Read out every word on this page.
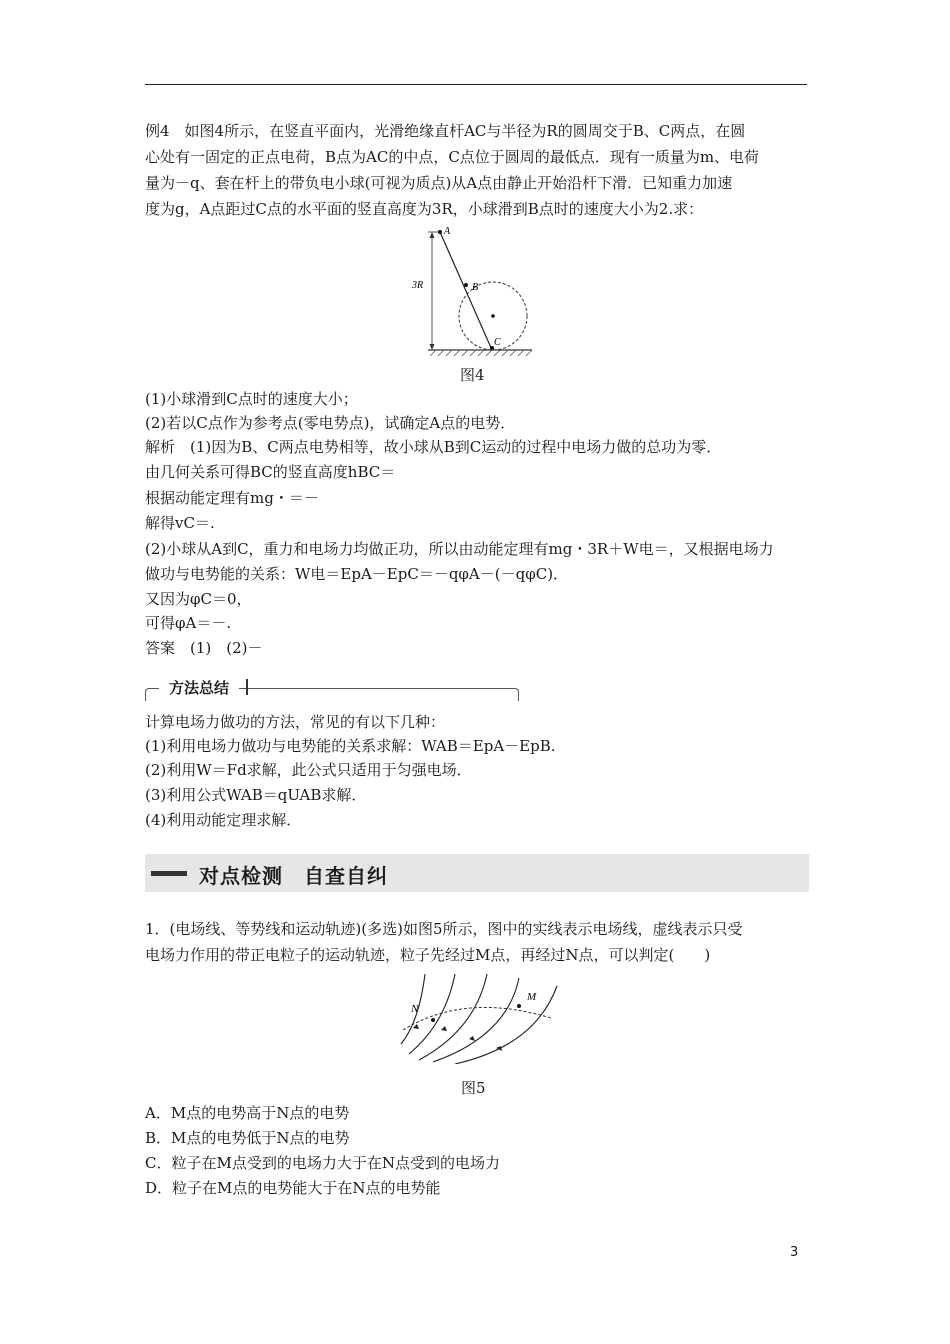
例4　如图4所示，在竖直平面内，光滑绝缘直杆AC与半径为R的圆周交于B、C两点，在圆
心处有一固定的正点电荷，B点为AC的中点，C点位于圆周的最低点．现有一质量为m、电荷
量为－q、套在杆上的带负电小球(可视为质点)从A点由静止开始沿杆下滑．已知重力加速
度为g，A点距过C点的水平面的竖直高度为3R，小球滑到B点时的速度大小为2.求：
A
B
C
3R
图4
(1)小球滑到C点时的速度大小；
(2)若以C点作为参考点(零电势点)，试确定A点的电势．
解析　(1)因为B、C两点电势相等，故小球从B到C运动的过程中电场力做的总功为零．
由几何关系可得BC的竖直高度hBC＝
根据动能定理有mg・＝－
解得vC＝.
(2)小球从A到C，重力和电场力均做正功，所以由动能定理有mg・3R＋W电＝，又根据电场力
做功与电势能的关系：W电＝EpA－EpC＝－qφA－(－qφC)．
又因为φC＝0，
可得φA＝－.
答案　(1)　(2)－
方法总结
计算电场力做功的方法，常见的有以下几种：
(1)利用电场力做功与电势能的关系求解：WAB＝EpA－EpB.
(2)利用W＝Fd求解，此公式只适用于匀强电场．
(3)利用公式WAB＝qUAB求解．
(4)利用动能定理求解．
对点检测　自查自纠
1．(电场线、等势线和运动轨迹)(多选)如图5所示，图中的实线表示电场线，虚线表示只受
电场力作用的带正电粒子的运动轨迹，粒子先经过M点，再经过N点，可以判定(　　)
N
M
图5
A．M点的电势高于N点的电势
B．M点的电势低于N点的电势
C．粒子在M点受到的电场力大于在N点受到的电场力
D．粒子在M点的电势能大于在N点的电势能
3
